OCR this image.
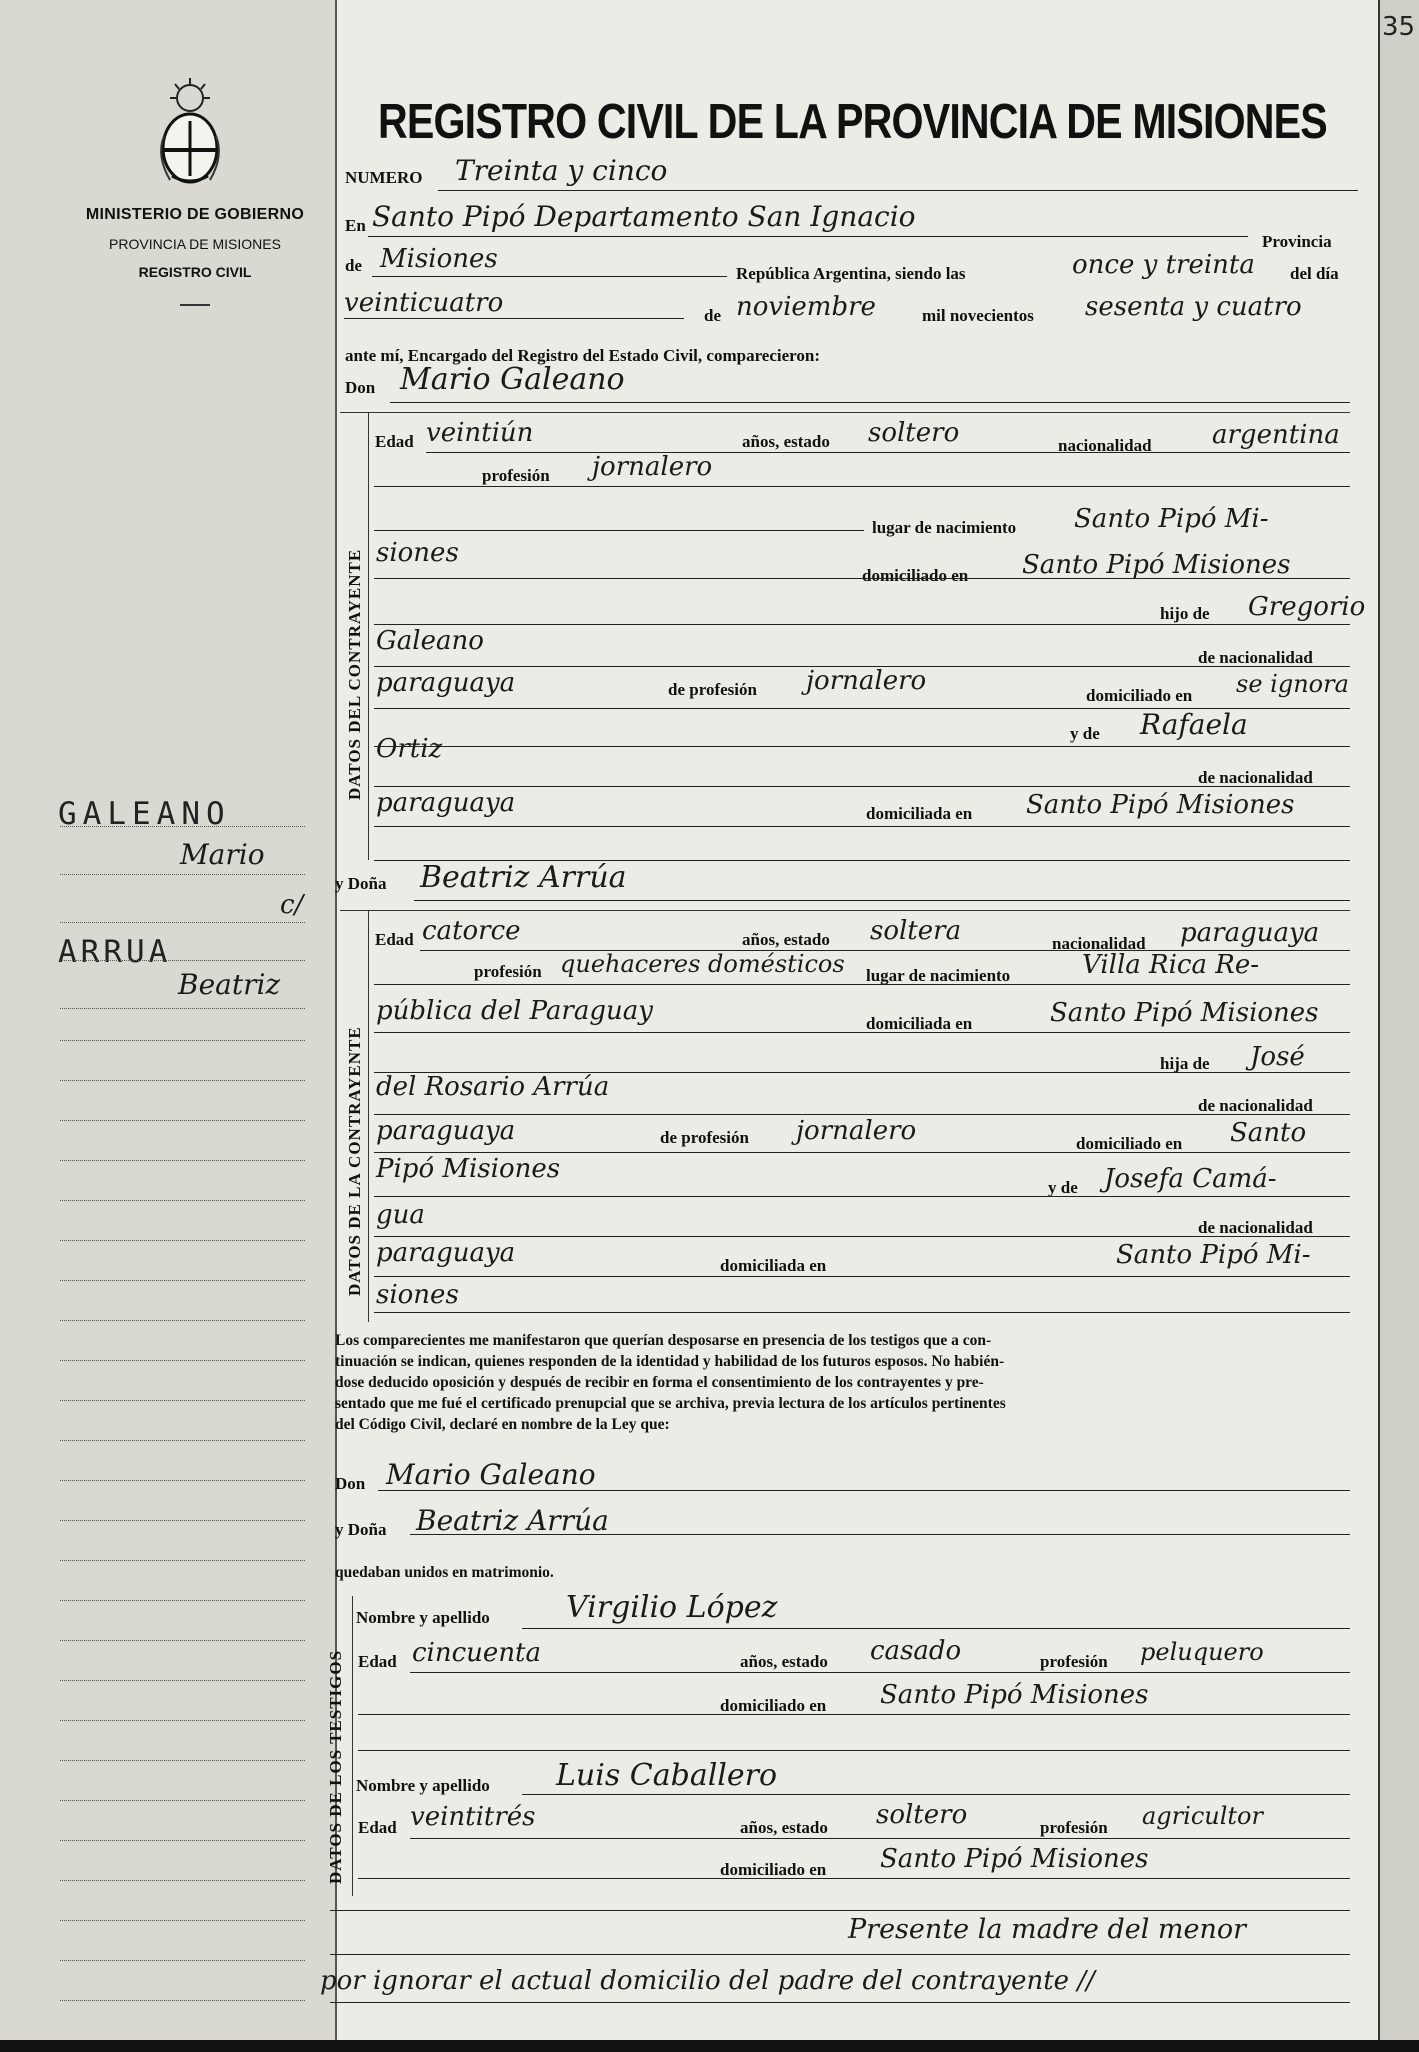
MINISTERIO DE GOBIERNO
PROVINCIA DE MISIONES
REGISTRO CIVIL
GALEANO
Mario
c/
ARRUA
Beatriz
REGISTRO CIVIL DE LA PROVINCIA DE MISIONES
NUMERO Treinta y cinco
En Santo Pipó Departamento San Ignacio
Provincia
de Misiones	República Argentina, siendo las	once y treinta del día
veinticuatro	de noviembre	mil novecientos sesenta y cuatro
ante mí, Encargado del Registro del Estado Civil, comparecieron:
Don Mario Galeano
DATOS DEL CONTRAYENTE
Edad veintiún	años, estado soltero	nacionalidad argentina
profesión jornalero
lugar de nacimiento Santo Pipó Mi-
siones
domiciliado en Santo Pipó Misiones
hijo de Gregorio
Galeano
de nacionalidad
paraguaya	de profesión jornalero	domiciliado en se ignora
y de Rafaela
Ortiz
de nacionalidad
paraguaya	domiciliada en Santo Pipó Misiones
y Doña Beatriz Arrúa
DATOS DE LA CONTRAYENTE
Edad catorce	años, estado soltera	nacionalidad paraguaya
profesión quehaceres domésticos lugar de nacimiento	Villa Rica Re-
pública del Paraguay	domiciliada en	Santo Pipó Misiones
hija de José
del Rosario Arrúa
de nacionalidad
paraguaya	de profesión jornalero	domiciliado en Santo
Pipó Misiones
y de Josefa Camá-
gua	de nacionalidad
paraguaya	domiciliada en	Santo Pipó Mi-
siones
Los comparecientes me manifestaron que querían desposarse en presencia de los testigos que a con-
tinuación se indican, quienes responden de la identidad y habilidad de los futuros esposos. No habién-
dose deducido oposición y después de recibir en forma el consentimiento de los contrayentes y pre-
sentado que me fué el certificado prenupcial que se archiva, previa lectura de los artículos pertinentes
del Código Civil, declaré en nombre de la Ley que:
Don Mario Galeano
y Doña Beatriz Arrúa
quedaban unidos en matrimonio.
DATOS DE LOS TESTIGOS
Nombre y apellido	Virgilio López
Edad cincuenta	años, estado casado	profesión peluquero
domiciliado en Santo Pipó Misiones
Nombre y apellido Luis Caballero
Edad veintitrés	años, estado soltero	profesión agricultor
domiciliado en Santo Pipó Misiones
Presente la madre del menor
por ignorar el actual domicilio del padre del contrayente //
35
